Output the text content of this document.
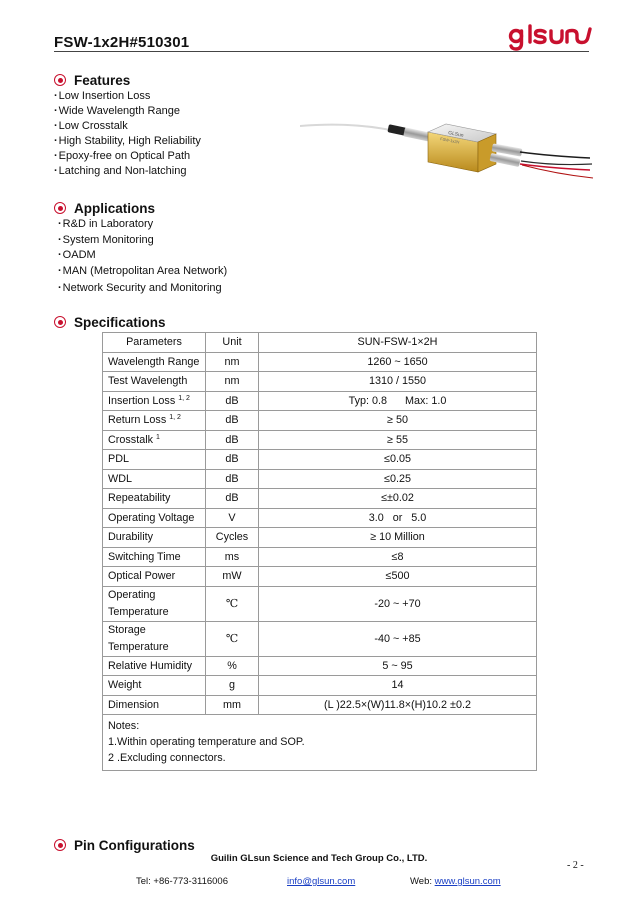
FSW-1x2H#510301
Features
· Low Insertion Loss
· Wide Wavelength Range
· Low Crosstalk
· High Stability, High Reliability
· Epoxy-free on Optical Path
· Latching and Non-latching
GLSun
FSW-1x2H
Applications
· R&D in Laboratory
· System Monitoring
· OADM
· MAN (Metropolitan Area Network)
· Network Security and Monitoring
Specifications
Parameters	Unit	SUN-FSW-1×2H
Wavelength Range	nm	1260 ~ 1650
Test Wavelength	nm	1310 / 1550
Insertion Loss $^{1, 2}$	dB	Typ: 0.8      Max: 1.0
Return Loss $^{1, 2}$	dB	≥ 50
Crosstalk $^1$	dB	≥ 55
PDL	dB	≤0.05
WDL	dB	≤0.25
Repeatability	dB	≤±0.02
Operating Voltage	V	3.0   or   5.0
Durability	Cycles	≥ 10 Million
Switching Time	ms	≤8
Optical Power	mW	≤500
Operating
Temperature	℃	-20 ~ +70
Storage
Temperature	℃	-40 ~ +85
Relative Humidity	%	5 ~ 95
Weight	g	14
Dimension	mm	(L )22.5×(W)11.8×(H)10.2 ±0.2

Notes:
1.Within operating temperature and SOP.
2 .Excluding connectors.		
Pin Configurations
Guilin GLsun Science and Tech Group Co., LTD.
- 2 -
Tel: +86-773-3116006	info@glsun.com	Web: www.glsun.com
